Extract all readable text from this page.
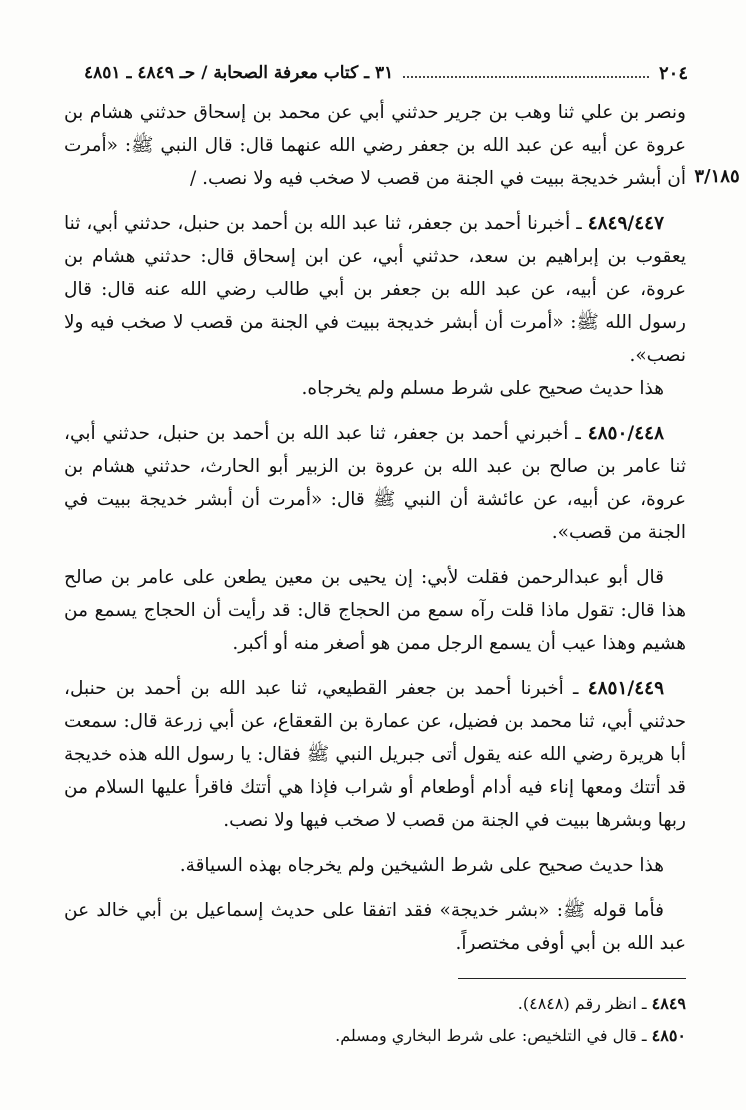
٢٠٤
٣١ ـ كتاب معرفة الصحابة / حـ ٤٨٤٩ ـ ٤٨٥١
٣/١٨٥

ونصر بن علي ثنا وهب بن جرير حدثني أبي عن محمد بن إسحاق حدثني هشام بن عروة عن أبيه عن عبد الله بن جعفر رضي الله عنهما قال: قال النبي ﷺ: «أمرت أن أبشر خديجة ببيت في الجنة من قصب لا صخب فيه ولا نصب. /

٤٨٤٩/٤٤٧ ـ أخبرنا أحمد بن جعفر، ثنا عبد الله بن أحمد بن حنبل، حدثني أبي، ثنا يعقوب بن إبراهيم بن سعد، حدثني أبي، عن ابن إسحاق قال: حدثني هشام بن عروة، عن أبيه، عن عبد الله بن جعفر بن أبي طالب رضي الله عنه قال: قال رسول الله ﷺ: «أمرت أن أبشر خديجة ببيت في الجنة من قصب لا صخب فيه ولا نصب».

هذا حديث صحيح على شرط مسلم ولم يخرجاه.

٤٨٥٠/٤٤٨ ـ أخبرني أحمد بن جعفر، ثنا عبد الله بن أحمد بن حنبل، حدثني أبي، ثنا عامر بن صالح بن عبد الله بن عروة بن الزبير أبو الحارث، حدثني هشام بن عروة، عن أبيه، عن عائشة أن النبي ﷺ قال: «أمرت أن أبشر خديجة ببيت في الجنة من قصب».

قال أبو عبدالرحمن فقلت لأبي: إن يحيى بن معين يطعن على عامر بن صالح هذا قال: تقول ماذا قلت رآه سمع من الحجاج قال: قد رأيت أن الحجاج يسمع من هشيم وهذا عيب أن يسمع الرجل ممن هو أصغر منه أو أكبر.

٤٨٥١/٤٤٩ ـ أخبرنا أحمد بن جعفر القطيعي، ثنا عبد الله بن أحمد بن حنبل، حدثني أبي، ثنا محمد بن فضيل، عن عمارة بن القعقاع، عن أبي زرعة قال: سمعت أبا هريرة رضي الله عنه يقول أتى جبريل النبي ﷺ فقال: يا رسول الله هذه خديجة قد أتتك ومعها إناء فيه أدام أوطعام أو شراب فإذا هي أتتك فاقرأ عليها السلام من ربها وبشرها ببيت في الجنة من قصب لا صخب فيها ولا نصب.

هذا حديث صحيح على شرط الشيخين ولم يخرجاه بهذه السياقة.

فأما قوله ﷺ: «بشر خديجة» فقد اتفقا على حديث إسماعيل بن أبي خالد عن عبد الله بن أبي أوفى مختصراً.

٤٨٤٩ ـ انظر رقم (٤٨٤٨).

٤٨٥٠ ـ قال في التلخيص: على شرط البخاري ومسلم.
